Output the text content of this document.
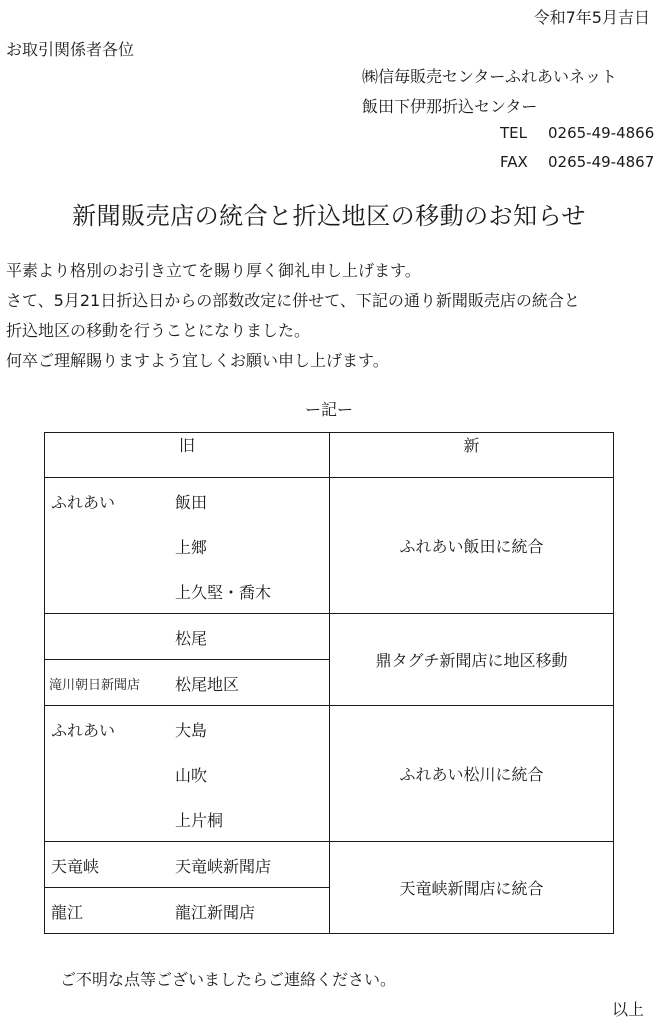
令和7年5月吉日
お取引関係者各位
㈱信毎販売センターふれあいネット
飯田下伊那折込センター
TEL 0265-49-4866
FAX 0265-49-4867
新聞販売店の統合と折込地区の移動のお知らせ
平素より格別のお引き立てを賜り厚く御礼申し上げます。
さて、5月21日折込日からの部数改定に併せて、下記の通り新聞販売店の統合と
折込地区の移動を行うことになりました。
何卒ご理解賜りますよう宜しくお願い申し上げます。
ー記ー
旧	新

ふれあい 飯田
上郷
上久堅・喬木	ふれあい飯田に統合

松尾
滝川朝日新聞店 松尾地区	鼎タグチ新聞店に地区移動

ふれあい 大島
山吹
上片桐	ふれあい松川に統合

天竜峡 天竜峡新聞店
龍江 龍江新聞店	天竜峡新聞店に統合
ご不明な点等ございましたらご連絡ください。
以上
